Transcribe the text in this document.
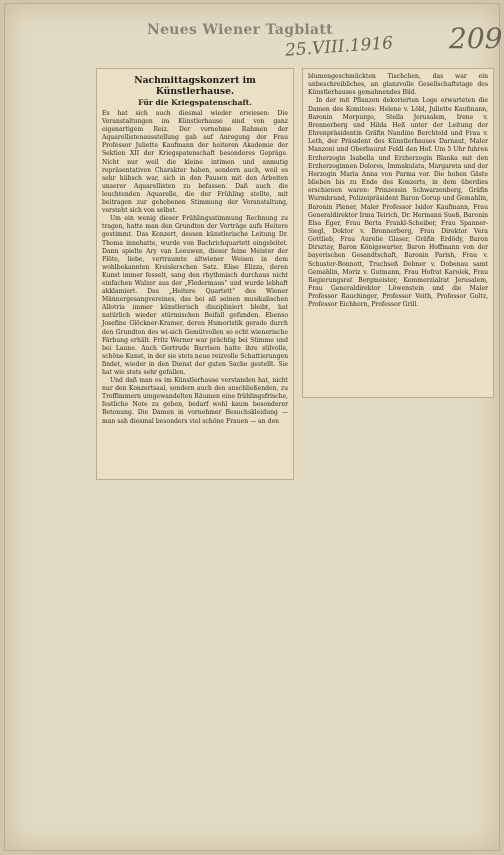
Neues Wiener Tagblatt
25.VIII.1916 209
Nachmittagskonzert im Künstlerhause.
Für die Kriegspatenschaft.

Es hat sich auch diesmal wieder erwiesen: Die Veranstaltungen im Künstlerhause sind von ganz eigenartigem Reiz. Der vornehme Rahmen der Aquarellistenausstellung gab auf Anregung der Frau Professor Juliette Kaufmann der heiteren Akademie der Sektion XII der Kriegspatenschaft besonderes Gepräge. Nicht nur weil die kleine intimen und anmutig repräsentativen Charakter haben, sondern auch, weil es sehr hübsch war, sich in den Pausen mit den Arbeiten unserer Aquarellisten zu befassen. Daß auch die leuchtenden Aquarelle, die der Frühling stellte, mit beitragen zur gehobenen Stimmung der Veranstaltung, versteht sich von selbst.

Um ein wenig dieser Frühlingsstimmung Rechnung zu tragen, hatte man den Grundton der Vorträge aufs Heitere gestimmt. Das Konzert, dessen künstlerische Leitung Dr. Thoma innehatte, wurde von Bachrichquartett eingeleitet. Dann spielte Ary van Leeuwen, dieser feine Meister der Flöte, liebe, vertraumte altwiener Weisen in dem wohlbekannten Kreislerschen Satz. Elise Elizza, deren Kunst immer fesselt, sang den rhythmisch durchaus nicht einfachen Walzer aus der „Fledermaus“ und wurde lebhaft akklamiert. Das „Heitere Quartett“ des Wiener Männergesangvereines, das bei all seinen musikalischen Allotria immer künstlerisch diszipliniert bleibt, hat natürlich wieder stürmischen Beifall gefunden. Ebenso Josefine Glöckner-Kramer, deren Humoristik gerade durch den Grundton des wi-sich Gemütvollen so echt wienerische Färbung erhält. Fritz Werner war prächtig bei Stimme und bei Laune. Auch Gertrude Barrison hatte ihre stilvolle, schöne Kunst, in der sie stets neue reizvolle Schattierungen findet, wieder in den Dienst der guten Sache gestellt. Sie hat wie stets sehr gefallen.

Und daß man es im Künstlerhause verstanden hat, nicht nur den Konzertsaal, sondern auch den anschließenden, zu Treffimmern umgewandelten Räumen eine frühlingsfrische, festliche Note zu geben, bedarf wohl kaum besonderer Betonung. Die Damen in vornehmer Besuchskleidung — man sah diesmal besonders viel schöne Frauen — an den

blumengeschmückten Tischchen, das war ein unbeschreibliches, an glanzvolle Gesellschaftstage des Künstlerhauses gemahnendes Bild.

In der mit Pflanzen dekorierten Loge erwarteten die Damen des Komitees: Helene v. Löbl, Juliette Kaufmann, Baronin Morpurgo, Stella Jerusalem, Irene v. Brennerberg und Hilda Heß unter der Leitung der Ehrenpräsidentin Gräfin Nandine Berchtold und Frau v. Leth, der Präsident des Künstlerhauses Darnaut, Maler Manzoni und Oberbaurat Feldl den Hof. Um 5 Uhr fuhren Erzherzogin Isabella und Erzherzogin Blanka mit den Erzherzoginnen Dolores, Immakulata, Margareta und der Herzogin Maria Anna von Parma vor. Die hohen Gäste blieben bis zu Ende des Konzerts, in dem überdies erschienen waren: Prinzessin Schwarzenberg, Gräfin Wurmbrand, Polizeipräsident Baron Gorup und Gemahlin, Baronin Plener, Maler Professor Isidor Kaufmann, Frau Generaldirektor Irma Teirich, Dr. Hermann Sueß, Baronin Elsa Eger, Frau Berta Frankl-Scheiber, Frau Spanner-Siegl, Doktor v. Bronnerberg, Frau Direktor Vera Gottlieb, Frau Aurelie Glaser, Gräfin Erdödy, Baron Dirsztay, Baron Königswarter, Baron Hoffmann von der bayerischen Gesandtschaft, Baronin Parish, Frau v. Schuster-Bonnott, Truchseß Dobner v. Dobenau samt Gemahlin, Moriz v. Gutmann, Frau Hofrat Karolek, Frau Regierungsrat Bergmeister, Kommerzialrat Jerusalem, Frau Generaldirektor Löwenstein und die Maler Professor Rauchinger, Professor Veith, Professor Goltz, Professor Eichhorn, Professor Grill.
